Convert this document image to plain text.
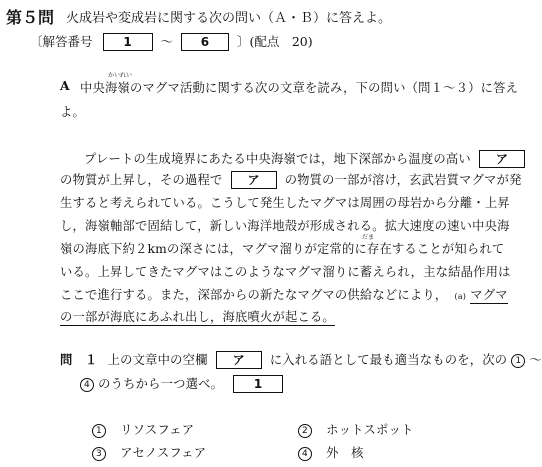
第５問 火成岩や変成岩に関する次の問い（Ａ・Ｂ）に答えよ。
〔解答番号	1 〜 6 〕(配点　20)
かいれい
A 中央海嶺のマグマ活動に関する次の文章を読み，下の問い（問１〜３）に答え
よ。
プレートの生成境界にあたる中央海嶺では，地下深部から温度の高い ア
の物質が上昇し，その過程で ア の物質の一部が溶け，玄武岩質マグマが発
生すると考えられている。こうして発生したマグマは周囲の母岩から分離・上昇
し，海嶺軸部で固結して，新しい海洋地殻が形成される。拡大速度の速い中央海
だま
嶺の海底下約２kmの深さには，マグマ溜りが定常的に存在することが知られて
いる。上昇してきたマグマはこのようなマグマ溜りに蓄えられ，主な結晶作用は
ここで進行する。また，深部からの新たなマグマの供給などにより， (a) マグマ
の一部が海底にあふれ出し，海底噴火が起こる。
問　１ 上の文章中の空欄 ア に入れる語として最も適当なものを，次の 1 〜
4 のうちから一つ選べ。	1
1 リソスフェア	2 ホットスポット
3 アセノスフェア	4 外　核
